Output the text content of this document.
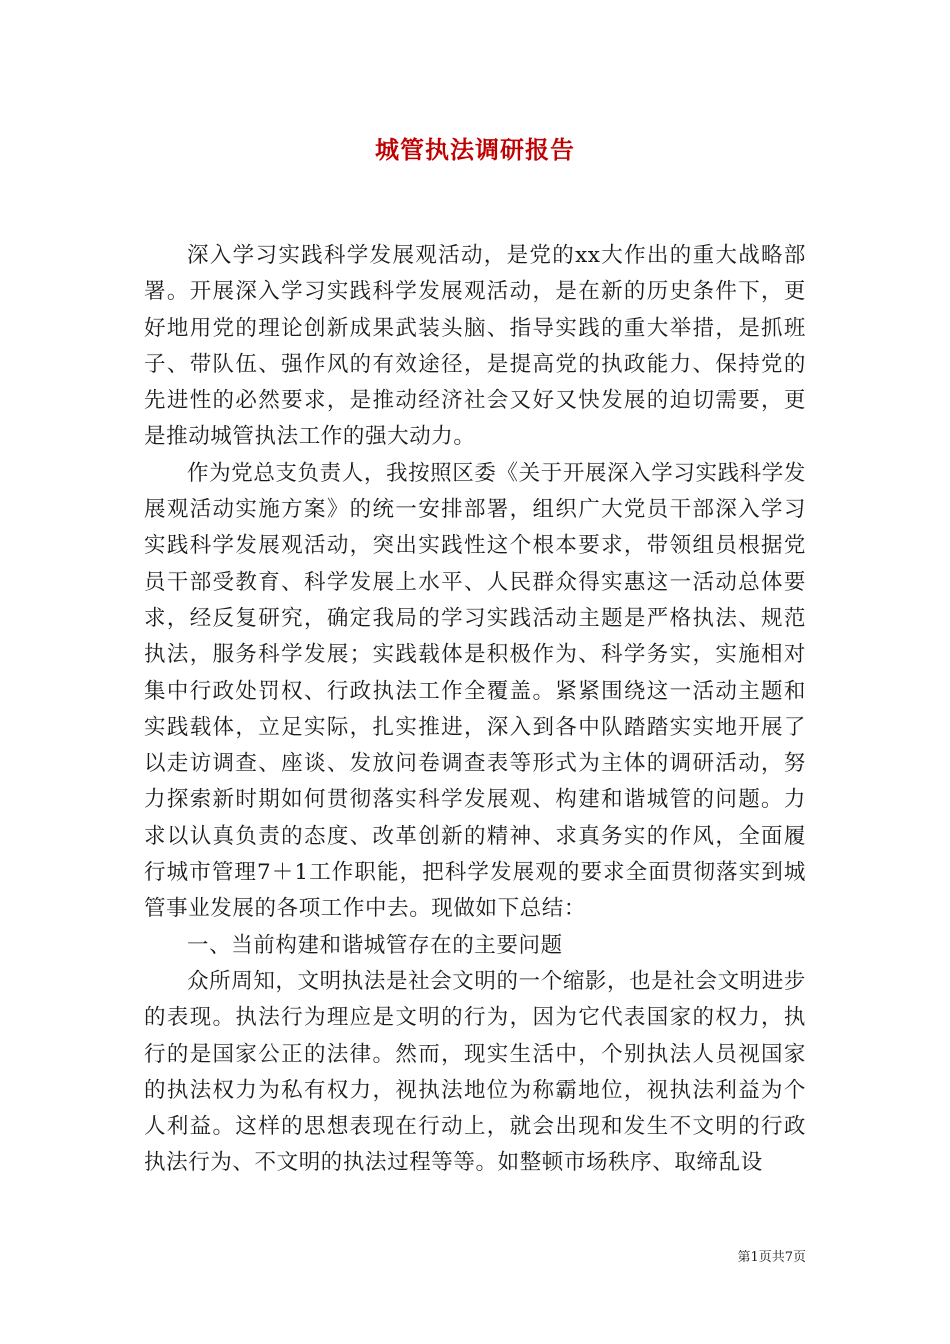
城管执法调研报告

深入学习实践科学发展观活动，是党的xx大作出的重大战略部署。开展深入学习实践科学发展观活动，是在新的历史条件下，更好地用党的理论创新成果武装头脑、指导实践的重大举措，是抓班子、带队伍、强作风的有效途径，是提高党的执政能力、保持党的先进性的必然要求，是推动经济社会又好又快发展的迫切需要，更是推动城管执法工作的强大动力。

作为党总支负责人，我按照区委《关于开展深入学习实践科学发展观活动实施方案》的统一安排部署，组织广大党员干部深入学习实践科学发展观活动，突出实践性这个根本要求，带领组员根据党员干部受教育、科学发展上水平、人民群众得实惠这一活动总体要求，经反复研究，确定我局的学习实践活动主题是严格执法、规范执法，服务科学发展；实践载体是积极作为、科学务实，实施相对集中行政处罚权、行政执法工作全覆盖。紧紧围绕这一活动主题和实践载体，立足实际，扎实推进，深入到各中队踏踏实实地开展了以走访调查、座谈、发放问卷调查表等形式为主体的调研活动，努力探索新时期如何贯彻落实科学发展观、构建和谐城管的问题。力求以认真负责的态度、改革创新的精神、求真务实的作风，全面履行城市管理7＋1工作职能，把科学发展观的要求全面贯彻落实到城管事业发展的各项工作中去。现做如下总结：

一、当前构建和谐城管存在的主要问题

众所周知，文明执法是社会文明的一个缩影，也是社会文明进步的表现。执法行为理应是文明的行为，因为它代表国家的权力，执行的是国家公正的法律。然而，现实生活中，个别执法人员视国家的执法权力为私有权力，视执法地位为称霸地位，视执法利益为个人利益。这样的思想表现在行动上，就会出现和发生不文明的行政执法行为、不文明的执法过程等等。如整顿市场秩序、取缔乱设

第1页共7页
